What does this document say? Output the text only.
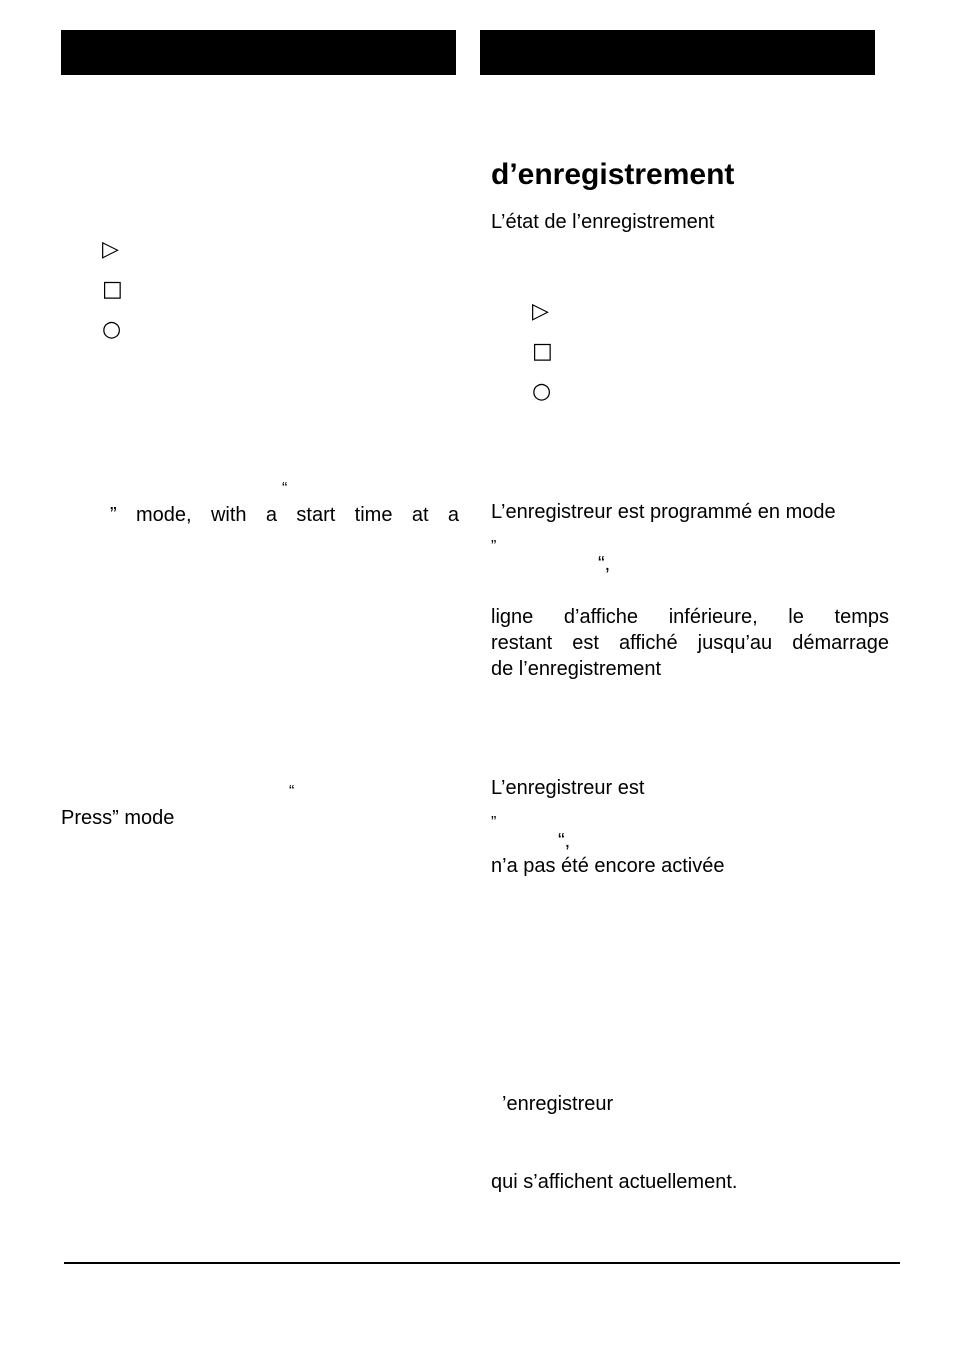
▷
□
○
“
” mode, with a start time at a
“
Press” mode
d’enregistrement
L’état de l’enregistrement
▷
□
○
L’enregistreur est programmé en mode
”
“,
ligne d’affiche inférieure, le temps
restant est affiché jusqu’au démarrage
de l’enregistrement
L’enregistreur est
”
“,
n’a pas été encore activée
’enregistreur
qui s’affichent actuellement.
